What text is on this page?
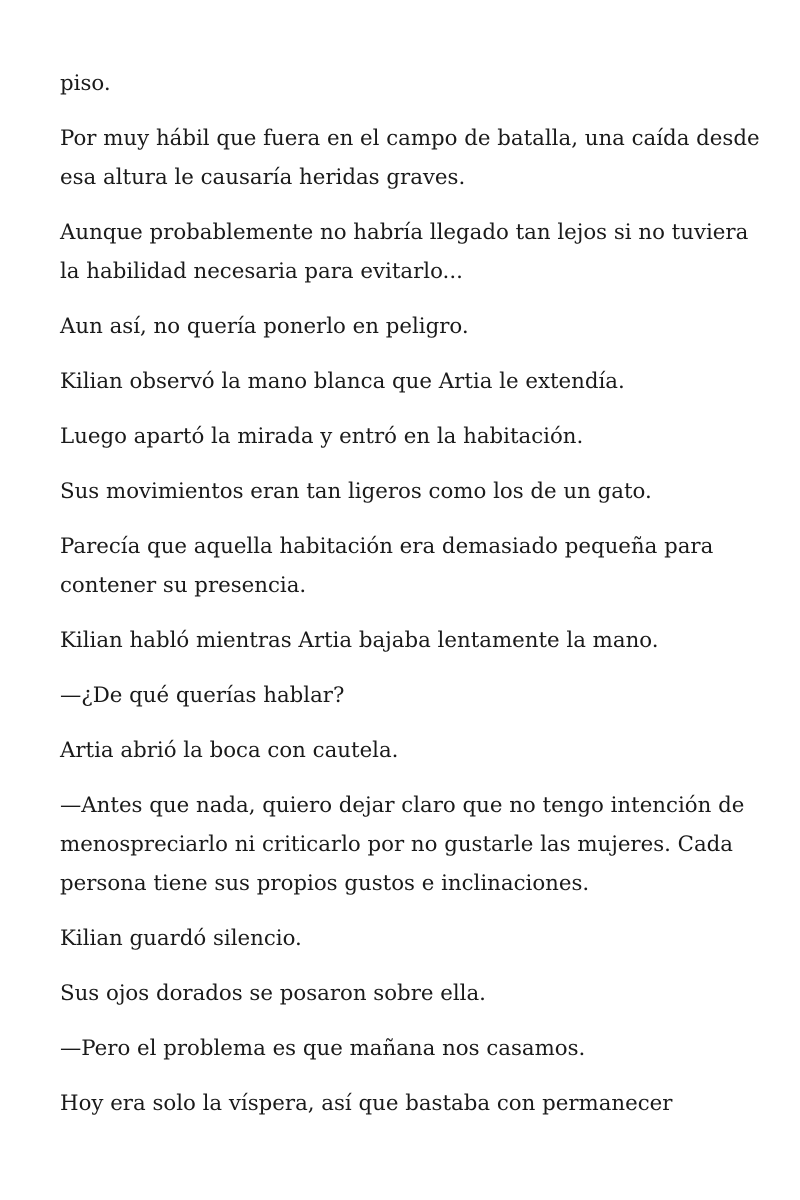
piso.

Por muy hábil que fuera en el campo de batalla, una caída desde esa altura le causaría heridas graves.

Aunque probablemente no habría llegado tan lejos si no tuviera la habilidad necesaria para evitarlo...

Aun así, no quería ponerlo en peligro.

Kilian observó la mano blanca que Artia le extendía.

Luego apartó la mirada y entró en la habitación.

Sus movimientos eran tan ligeros como los de un gato.

Parecía que aquella habitación era demasiado pequeña para contener su presencia.

Kilian habló mientras Artia bajaba lentamente la mano.

—¿De qué querías hablar?

Artia abrió la boca con cautela.

—Antes que nada, quiero dejar claro que no tengo intención de menospreciarlo ni criticarlo por no gustarle las mujeres. Cada persona tiene sus propios gustos e inclinaciones.

Kilian guardó silencio.

Sus ojos dorados se posaron sobre ella.

—Pero el problema es que mañana nos casamos.

Hoy era solo la víspera, así que bastaba con permanecer
